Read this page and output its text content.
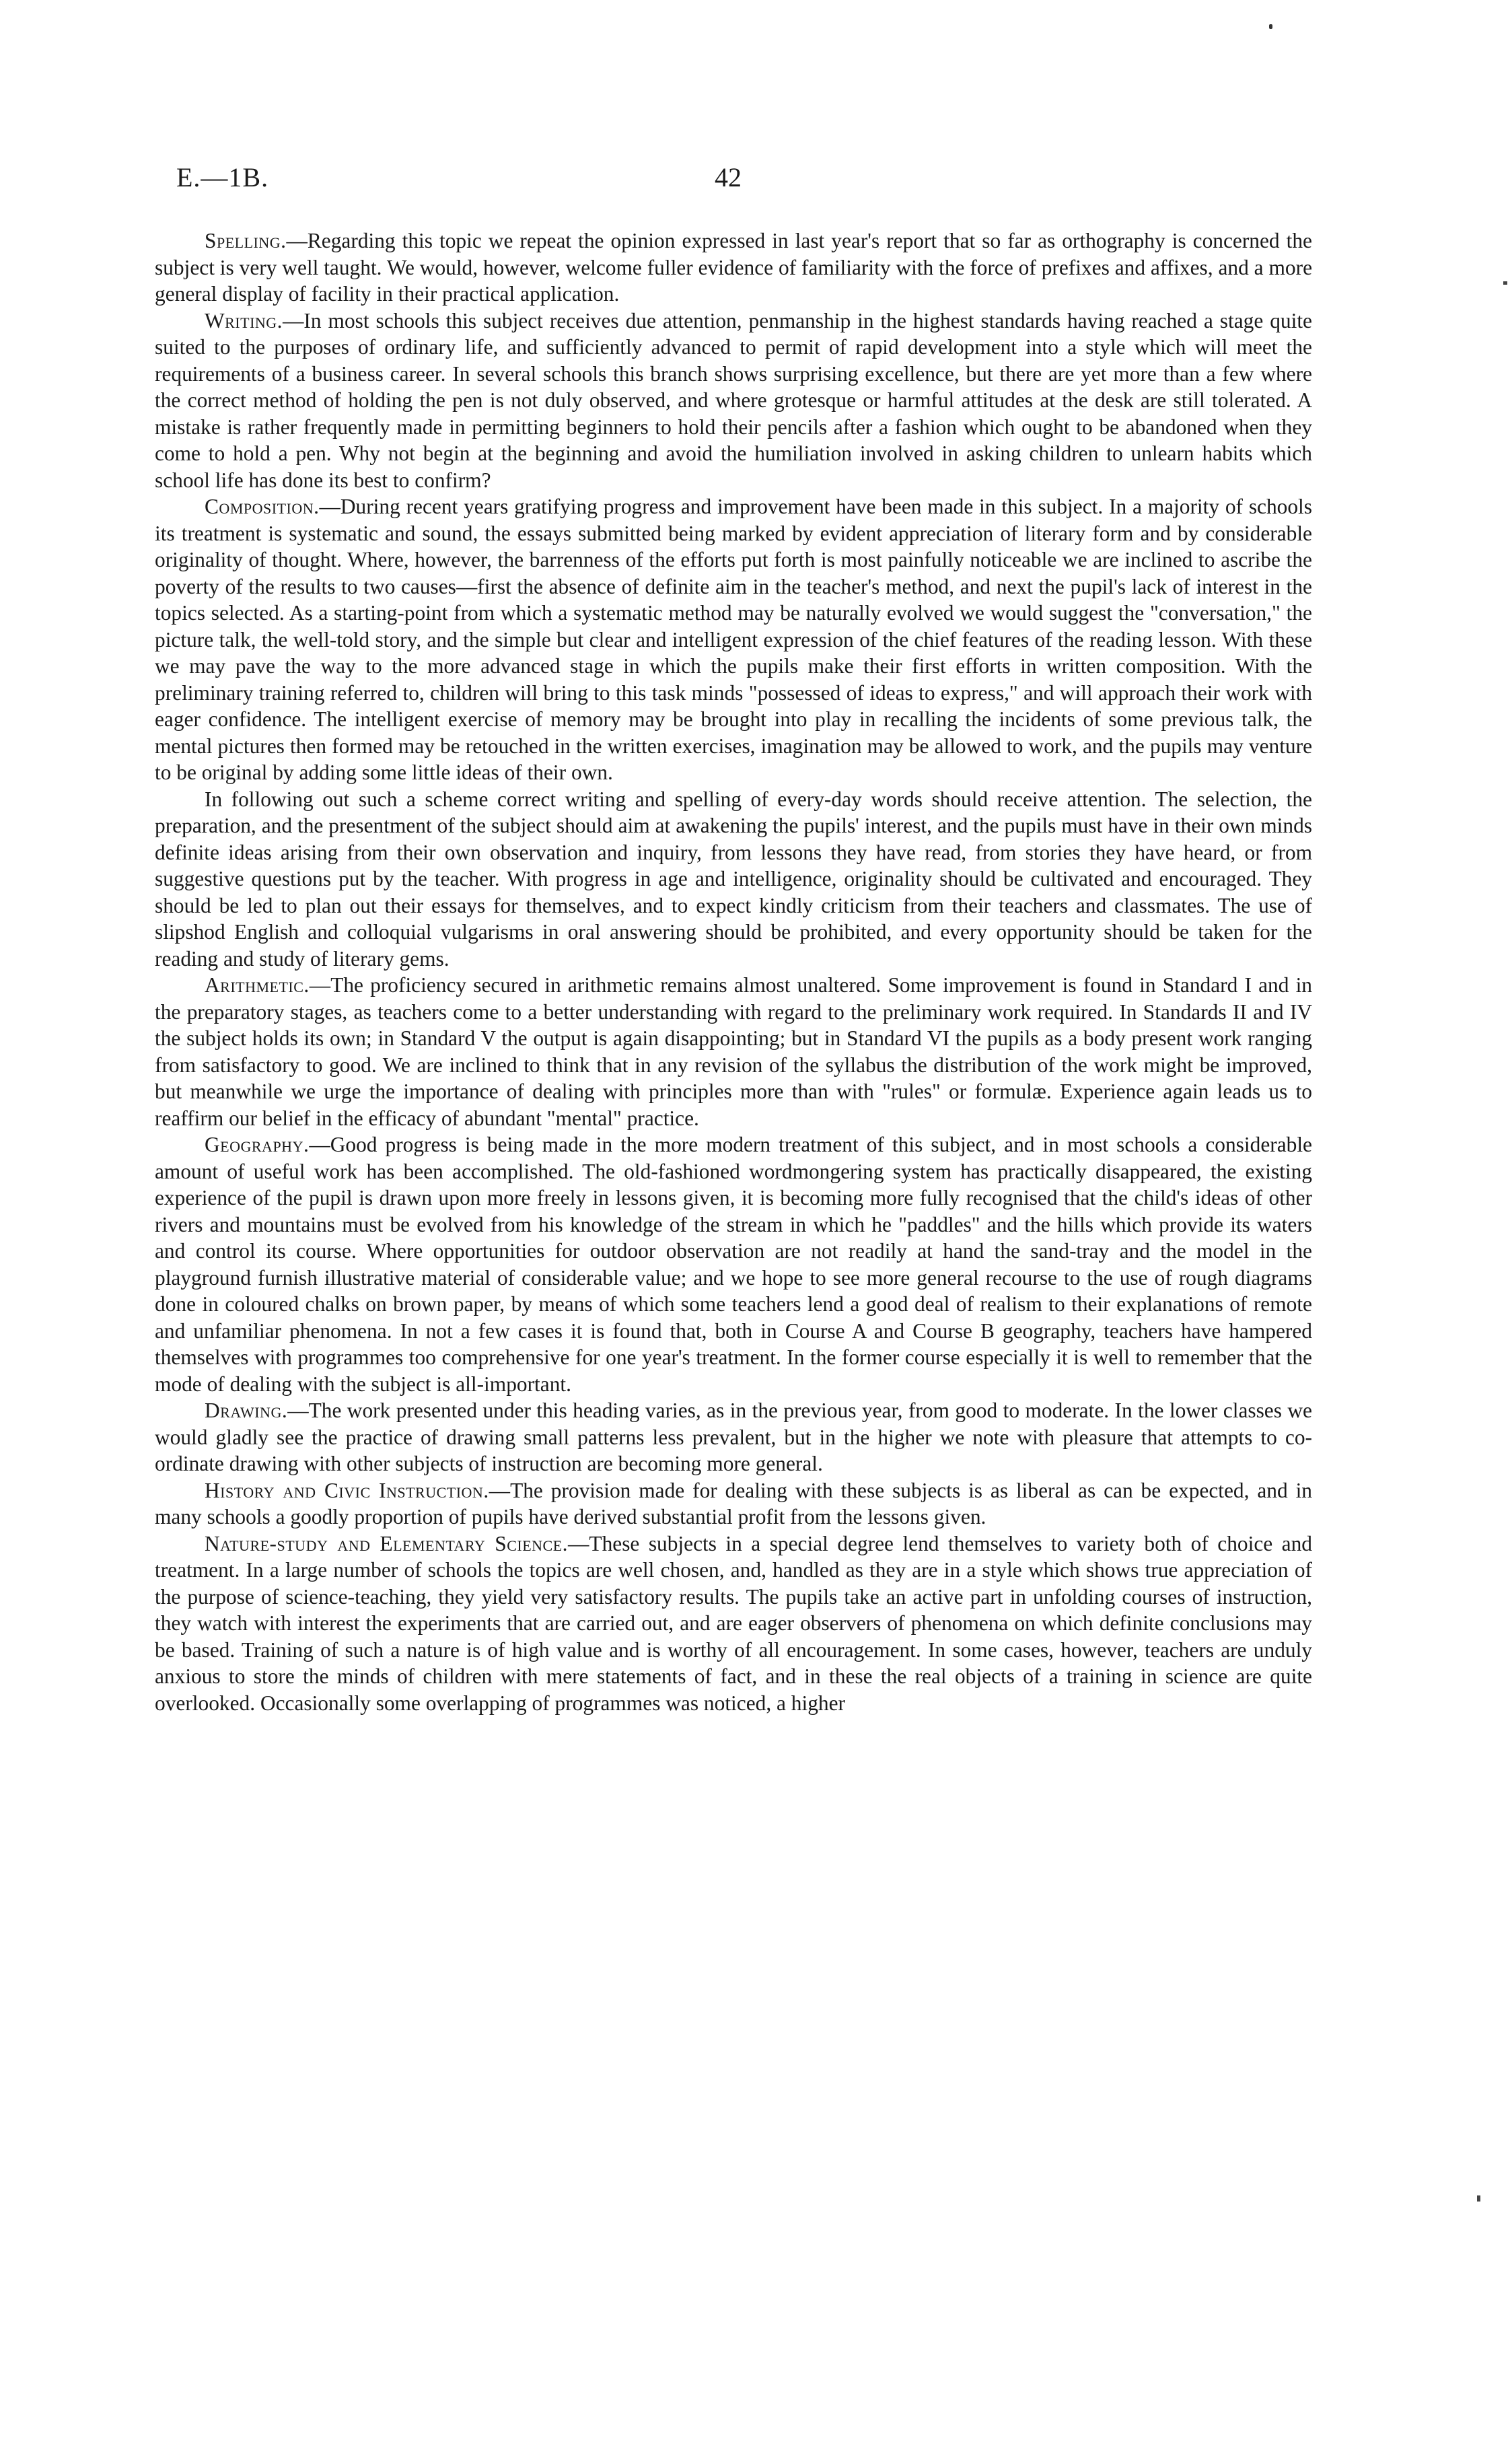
E.—1B.	42

Spelling.—Regarding this topic we repeat the opinion expressed in last year's report that so far as orthography is concerned the subject is very well taught. We would, however, welcome fuller evidence of familiarity with the force of prefixes and affixes, and a more general display of facility in their practical application.

Writing.—In most schools this subject receives due attention, penmanship in the highest standards having reached a stage quite suited to the purposes of ordinary life, and sufficiently advanced to permit of rapid development into a style which will meet the requirements of a business career. In several schools this branch shows surprising excellence, but there are yet more than a few where the correct method of holding the pen is not duly observed, and where grotesque or harmful attitudes at the desk are still tolerated. A mistake is rather frequently made in permitting beginners to hold their pencils after a fashion which ought to be abandoned when they come to hold a pen. Why not begin at the beginning and avoid the humiliation involved in asking children to unlearn habits which school life has done its best to confirm?

Composition.—During recent years gratifying progress and improvement have been made in this subject. In a majority of schools its treatment is systematic and sound, the essays submitted being marked by evident appreciation of literary form and by considerable originality of thought. Where, however, the barrenness of the efforts put forth is most painfully noticeable we are inclined to ascribe the poverty of the results to two causes—first the absence of definite aim in the teacher's method, and next the pupil's lack of interest in the topics selected. As a starting-point from which a systematic method may be naturally evolved we would suggest the "conversation," the picture talk, the well-told story, and the simple but clear and intelligent expression of the chief features of the reading lesson. With these we may pave the way to the more advanced stage in which the pupils make their first efforts in written composition. With the preliminary training referred to, children will bring to this task minds "possessed of ideas to express," and will approach their work with eager confidence. The intelligent exercise of memory may be brought into play in recalling the incidents of some previous talk, the mental pictures then formed may be retouched in the written exercises, imagination may be allowed to work, and the pupils may venture to be original by adding some little ideas of their own.

In following out such a scheme correct writing and spelling of every-day words should receive attention. The selection, the preparation, and the presentment of the subject should aim at awakening the pupils' interest, and the pupils must have in their own minds definite ideas arising from their own observation and inquiry, from lessons they have read, from stories they have heard, or from suggestive questions put by the teacher. With progress in age and intelligence, originality should be cultivated and encouraged. They should be led to plan out their essays for themselves, and to expect kindly criticism from their teachers and classmates. The use of slipshod English and colloquial vulgarisms in oral answering should be prohibited, and every opportunity should be taken for the reading and study of literary gems.

Arithmetic.—The proficiency secured in arithmetic remains almost unaltered. Some improvement is found in Standard I and in the preparatory stages, as teachers come to a better understanding with regard to the preliminary work required. In Standards II and IV the subject holds its own; in Standard V the output is again disappointing; but in Standard VI the pupils as a body present work ranging from satisfactory to good. We are inclined to think that in any revision of the syllabus the distribution of the work might be improved, but meanwhile we urge the importance of dealing with principles more than with "rules" or formulæ. Experience again leads us to reaffirm our belief in the efficacy of abundant "mental" practice.

Geography.—Good progress is being made in the more modern treatment of this subject, and in most schools a considerable amount of useful work has been accomplished. The old-fashioned wordmongering system has practically disappeared, the existing experience of the pupil is drawn upon more freely in lessons given, it is becoming more fully recognised that the child's ideas of other rivers and mountains must be evolved from his knowledge of the stream in which he "paddles" and the hills which provide its waters and control its course. Where opportunities for outdoor observation are not readily at hand the sand-tray and the model in the playground furnish illustrative material of considerable value; and we hope to see more general recourse to the use of rough diagrams done in coloured chalks on brown paper, by means of which some teachers lend a good deal of realism to their explanations of remote and unfamiliar phenomena. In not a few cases it is found that, both in Course A and Course B geography, teachers have hampered themselves with programmes too comprehensive for one year's treatment. In the former course especially it is well to remember that the mode of dealing with the subject is all-important.

Drawing.—The work presented under this heading varies, as in the previous year, from good to moderate. In the lower classes we would gladly see the practice of drawing small patterns less prevalent, but in the higher we note with pleasure that attempts to co-ordinate drawing with other subjects of instruction are becoming more general.

History and Civic Instruction.—The provision made for dealing with these subjects is as liberal as can be expected, and in many schools a goodly proportion of pupils have derived substantial profit from the lessons given.

Nature-study and Elementary Science.—These subjects in a special degree lend themselves to variety both of choice and treatment. In a large number of schools the topics are well chosen, and, handled as they are in a style which shows true appreciation of the purpose of science-teaching, they yield very satisfactory results. The pupils take an active part in unfolding courses of instruction, they watch with interest the experiments that are carried out, and are eager observers of phenomena on which definite conclusions may be based. Training of such a nature is of high value and is worthy of all encouragement. In some cases, however, teachers are unduly anxious to store the minds of children with mere statements of fact, and in these the real objects of a training in science are quite overlooked. Occasionally some overlapping of programmes was noticed, a higher
